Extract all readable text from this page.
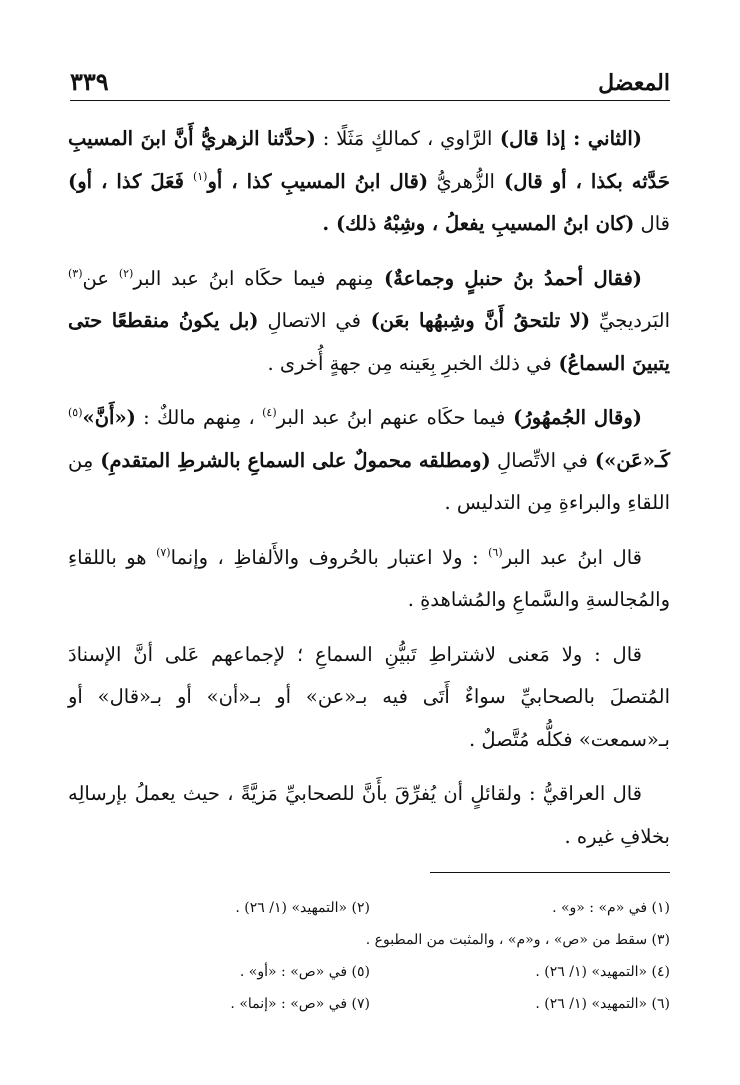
المعضل
٣٣٩

(الثاني : إذا قال) الرَّاوي ، كمالكٍ مَثَلًا : (حدَّثنا الزهريُّ أَنَّ ابنَ المسيبِ حَدَّثه بكذا ، أو قال) الزُّهريُّ (قال ابنُ المسيبِ كذا ، أو$^{(١)}$ فَعَلَ كذا ، أو) قال (كان ابنُ المسيبِ يفعلُ ، وشِبْهُ ذلك) .

(فقال أحمدُ بنُ حنبلٍ وجماعةٌ) مِنهم فيما حكَاه ابنُ عبد البر$^{(٢)}$ عن$^{(٣)}$ البَرديجيِّ (لا تلتحقُ أَنَّ وشِبهُها بعَن) في الاتصالِ (بل يكونُ منقطعًا حتى يتبينَ السماعُ) في ذلك الخبرِ بِعَينه مِن جهةٍ أُخرى .

(وقال الجُمهُورُ) فيما حكَاه عنهم ابنُ عبد البر$^{(٤)}$ ، مِنهم مالكٌ : («أَنَّ»$^{(٥)}$ كَـ«عَن») في الاتِّصالِ (ومطلقه محمولٌ على السماعِ بالشرطِ المتقدمِ) مِن اللقاءِ والبراءةِ مِن التدليس .

قال ابنُ عبد البر$^{(٦)}$ : ولا اعتبار بالحُروف والأَلفاظِ ، وإنما$^{(٧)}$ هو باللقاءِ والمُجالسةِ والسَّماعِ والمُشاهدةِ .

قال : ولا مَعنى لاشتراطِ تَبيُّنِ السماعِ ؛ لإجماعهم عَلى أنَّ الإسنادَ المُتصلَ بالصحابيِّ سواءٌ أَتَى فيه بـ«عن» أو بـ«أن» أو بـ«قال» أو بـ«سمعت» فكلُّه مُتَّصلٌ .

قال العراقيُّ : ولقائلٍ أن يُفرِّقَ بأَنَّ للصحابيِّ مَزيَّةً ، حيث يعملُ بإرسالِه بخلافِ غيره .

(١) في «م» : «و» .
(٢) «التمهيد» (١/ ٢٦) .
(٣) سقط من «ص» ، و«م» ، والمثبت من المطبوع .
(٤) «التمهيد» (١/ ٢٦) .
(٥) في «ص» : «أو» .
(٦) «التمهيد» (١/ ٢٦) .
(٧) في «ص» : «إنما» .
